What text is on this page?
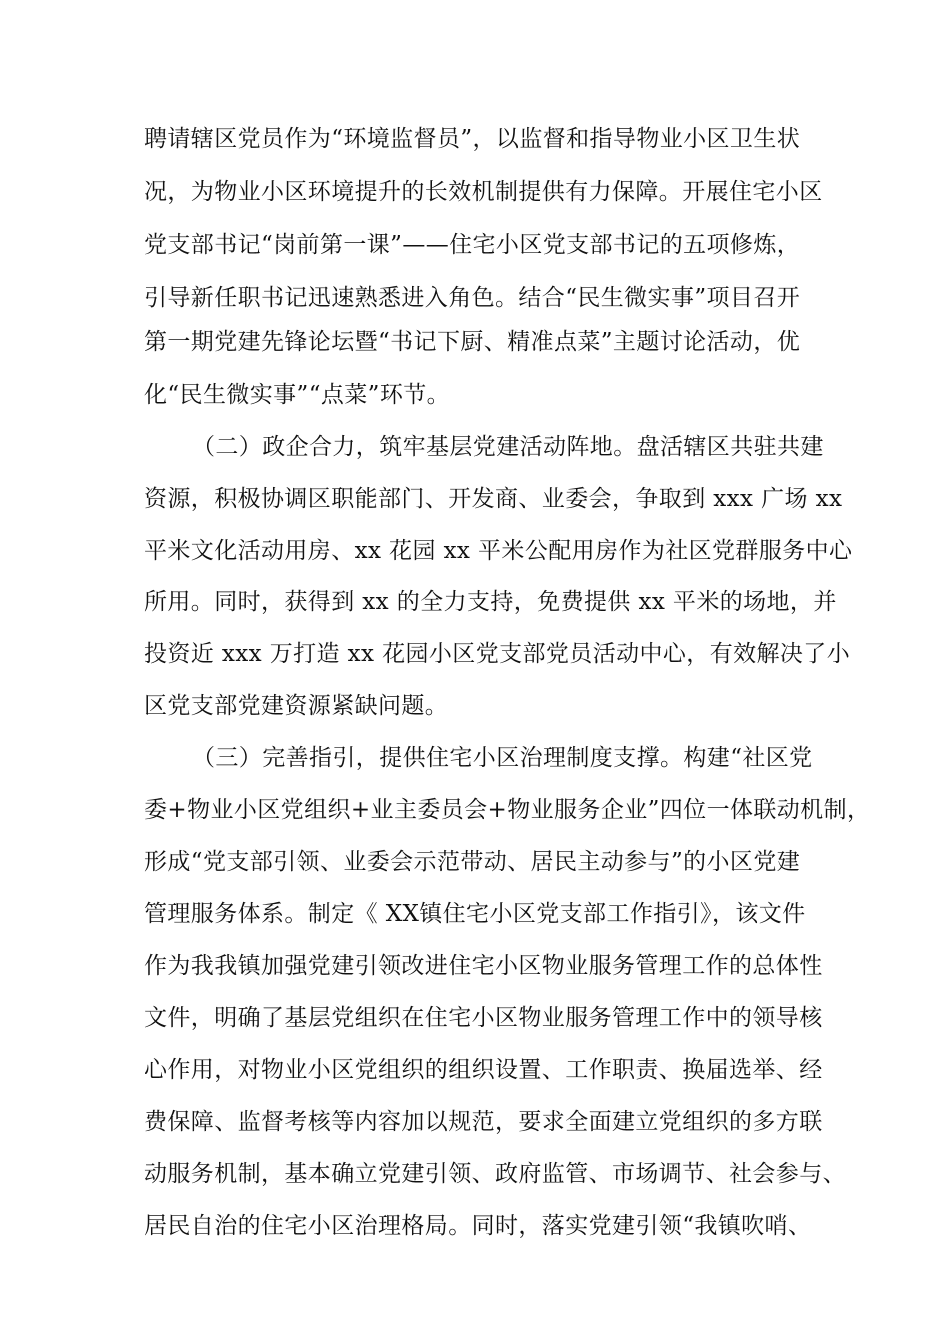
聘请辖区党员作为“环境监督员”，以监督和指导物业小区卫生状
况，为物业小区环境提升的长效机制提供有力保障。开展住宅小区
党支部书记“岗前第一课”——住宅小区党支部书记的五项修炼，
引导新任职书记迅速熟悉进入角色。结合“民生微实事”项目召开
第一期党建先锋论坛暨“书记下厨、精准点菜”主题讨论活动，优
化“民生微实事”“点菜”环节。
（二）政企合力，筑牢基层党建活动阵地。盘活辖区共驻共建
资源，积极协调区职能部门、开发商、业委会，争取到 xxx 广场 xx
平米文化活动用房、xx 花园 xx 平米公配用房作为社区党群服务中心
所用。同时，获得到 xx 的全力支持，免费提供 xx 平米的场地，并
投资近 xxx 万打造 xx 花园小区党支部党员活动中心，有效解决了小
区党支部党建资源紧缺问题。
（三）完善指引，提供住宅小区治理制度支撑。构建“社区党
委+物业小区党组织+业主委员会+物业服务企业”四位一体联动机制，
形成“党支部引领、业委会示范带动、居民主动参与”的小区党建
管理服务体系。制定《 XX镇住宅小区党支部工作指引》，该文件
作为我我镇加强党建引领改进住宅小区物业服务管理工作的总体性
文件，明确了基层党组织在住宅小区物业服务管理工作中的领导核
心作用，对物业小区党组织的组织设置、工作职责、换届选举、经
费保障、监督考核等内容加以规范，要求全面建立党组织的多方联
动服务机制，基本确立党建引领、政府监管、市场调节、社会参与、
居民自治的住宅小区治理格局。同时，落实党建引领“我镇吹哨、
